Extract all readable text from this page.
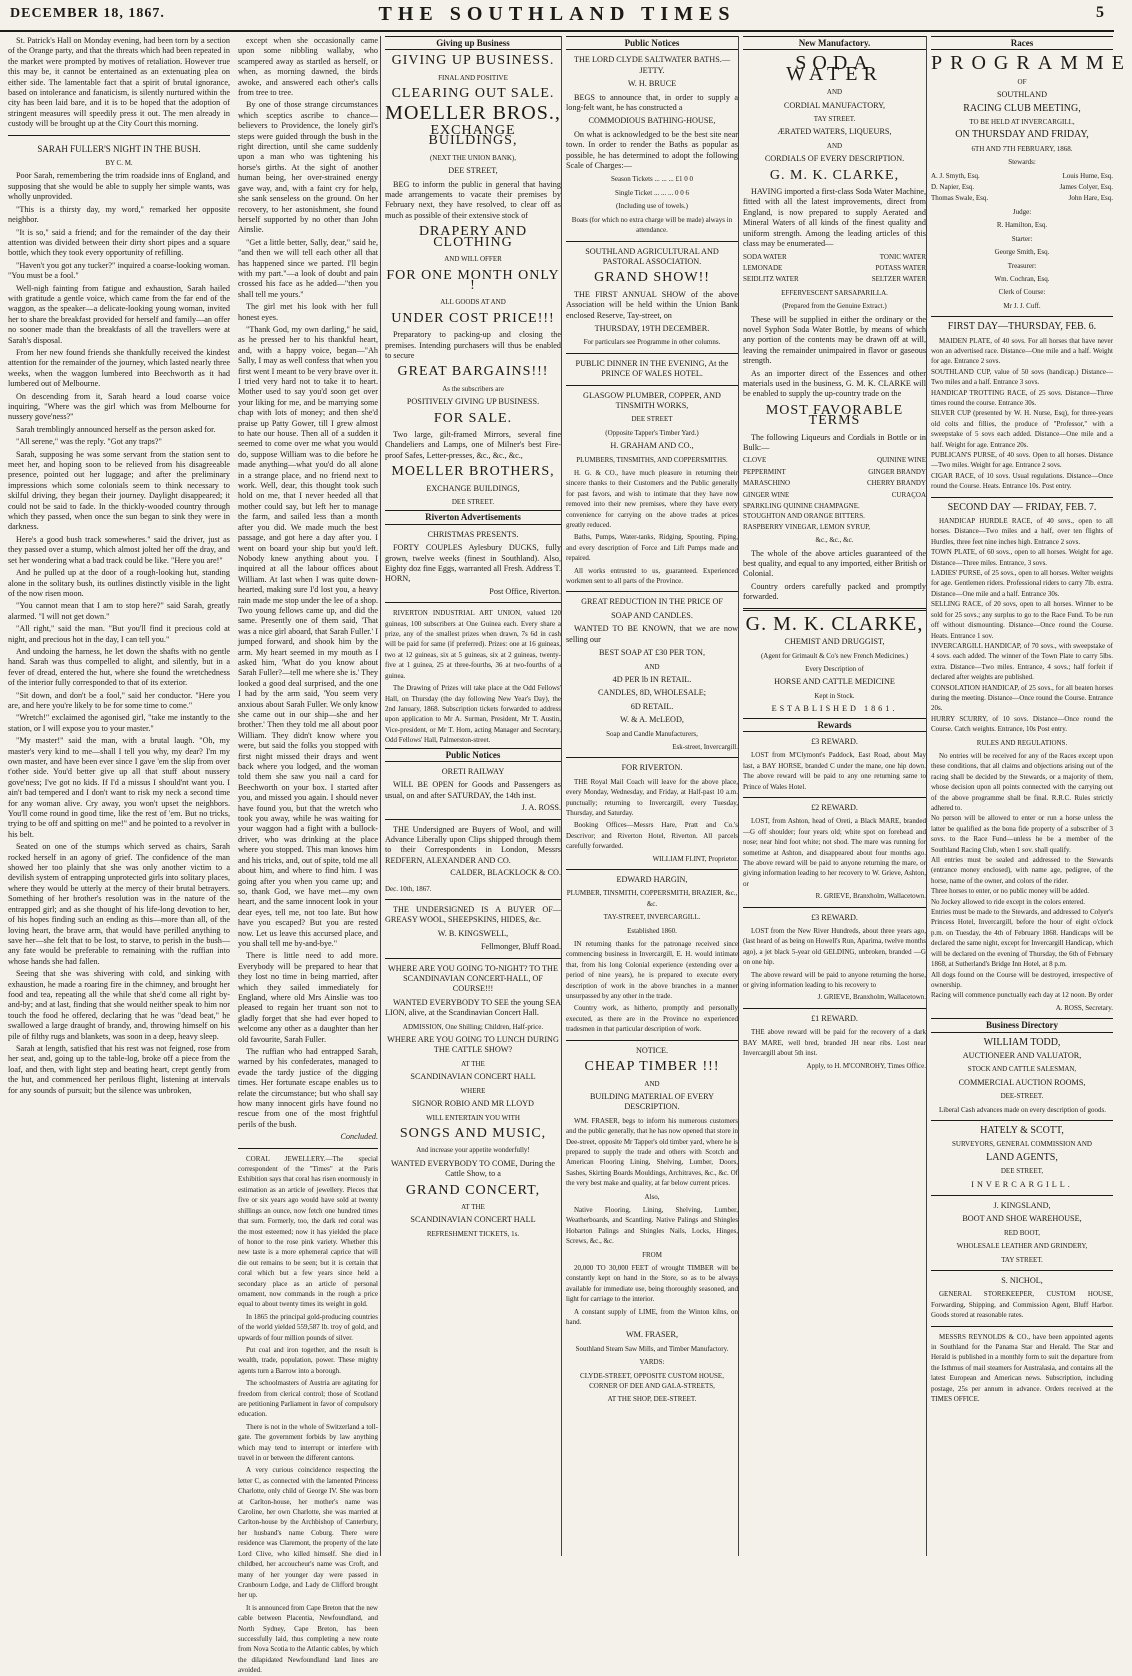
DECEMBER 18, 1867.	THE SOUTHLAND TIMES	5

St. Patrick's Hall on Monday evening, had been torn by a section of the Orange party, and that the threats which had been repeated in the market were prompted by motives of retaliation. However true this may be, it cannot be entertained as an extenuating plea on either side. The lamentable fact that a spirit of brutal ignorance, based on intolerance and fanaticism, is silently nurtured within the city has been laid bare, and it is to be hoped that the adoption of stringent measures will speedily press it out. The men already in custody will be brought up at the City Court this morning.

SARAH FULLER'S NIGHT IN THE BUSH.
BY C. M.

Poor Sarah, remembering the trim roadside inns of England, and supposing that she would be able to supply her simple wants, was wholly unprovided.

"This is a thirsty day, my word," remarked her opposite neighbor.

"It is so," said a friend; and for the remainder of the day their attention was divided between their dirty short pipes and a square bottle, which they took every opportunity of refilling.

"Haven't you got any tucker?" inquired a coarse-looking woman. "You must be a fool."

Well-nigh fainting from fatigue and exhaustion, Sarah hailed with gratitude a gentle voice, which came from the far end of the waggon, as the speaker—a delicate-looking young woman, invited her to share the breakfast provided for herself and family—an offer no sooner made than the breakfasts of all the travellers were at Sarah's disposal.

From her new found friends she thankfully received the kindest attention for the remainder of the journey, which lasted nearly three weeks, when the waggon lumbered into Beechworth as it had lumbered out of Melbourne.

On descending from it, Sarah heard a loud coarse voice inquiring, "Where was the girl which was from Melbourne for nussery gove'ness?"

Sarah tremblingly announced herself as the person asked for.

"All serene," was the reply. "Got any traps?"

Sarah, supposing he was some servant from the station sent to meet her, and hoping soon to be relieved from his disagreeable presence, pointed out her luggage; and after the preliminary impressions which some colonials seem to think necessary to skilful driving, they began their journey. Daylight disappeared; it could not be said to fade. In the thickly-wooded country through which they passed, when once the sun began to sink they were in darkness.

Here's a good bush track somewheres." said the driver, just as they passed over a stump, which almost jolted her off the dray, and set her wondering what a bad track could be like. "Here you are!"

And he pulled up at the door of a rough-looking hut, standing alone in the solitary bush, its outlines distinctly visible in the light of the now risen moon.

"You cannot mean that I am to stop here?" said Sarah, greatly alarmed. "I will not get down."

"All right," said the man. "But you'll find it precious cold at night, and precious hot in the day, I can tell you."

And undoing the harness, he let down the shafts with no gentle hand. Sarah was thus compelled to alight, and silently, but in a fever of dread, entered the hut, where she found the wretchedness of the interior fully corresponded to that of its exterior.

"Sit down, and don't be a fool," said her conductor. "Here you are, and here you're likely to be for some time to come."

"Wretch!" exclaimed the agonised girl, "take me instantly to the station, or I will expose you to your master."

"My master!" said the man, with a brutal laugh. "Oh, my master's very kind to me—shall I tell you why, my dear? I'm my own master, and have been ever since I gave 'em the slip from over t'other side. You'd better give up all that stuff about nussery gove'ness; I've got no kids. If I'd a missus I should'nt want you. I ain't bad tempered and I don't want to risk my neck a second time for any woman alive. Cry away, you won't upset the neighbors. You'll come round in good time, like the rest of 'em. But no tricks, trying to be off and spitting on me!" and he pointed to a revolver in his belt.

Seated on one of the stumps which served as chairs, Sarah rocked herself in an agony of grief. The confidence of the man showed her too plainly that she was only another victim to a devilish system of entrapping unprotected girls into solitary places, where they would be utterly at the mercy of their brutal betrayers. Something of her brother's resolution was in the nature of the entrapped girl; and as she thought of his life-long devotion to her, of his hopes finding such an ending as this—more than all, of the loving heart, the brave arm, that would have perilled anything to save her—she felt that to be lost, to starve, to perish in the bush—any fate would be preferable to remaining with the ruffian into whose hands she had fallen.

Seeing that she was shivering with cold, and sinking with exhaustion, he made a roaring fire in the chimney, and brought her food and tea, repeating all the while that she'd come all right by-and-by; and at last, finding that she would neither speak to him nor touch the food he offered, declaring that he was "dead beat," he swallowed a large draught of brandy, and, throwing himself on his pile of filthy rugs and blankets, was soon in a deep, heavy sleep.

Sarah at length, satisfied that his rest was not feigned, rose from her seat, and, going up to the table-log, broke off a piece from the loaf, and then, with light step and beating heart, crept gently from the hut, and commenced her perilous flight, listening at intervals for any sounds of pursuit; but the silence was unbroken,

except when she occasionally came upon some nibbling wallaby, who scampered away as startled as herself, or when, as morning dawned, the birds awoke, and answered each other's calls from tree to tree.

By one of those strange circumstances which sceptics ascribe to chance—believers to Providence, the lonely girl's steps were guided through the bush in the right direction, until she came suddenly upon a man who was tightening his horse's girths. At the sight of another human being, her over-strained energy gave way, and, with a faint cry for help, she sank senseless on the ground. On her recovery, to her astonishment, she found herself supported by no other than John Ainslie.

"Get a little better, Sally, dear," said he, "and then we will tell each other all that has happened since we parted. I'll begin with my part."—a look of doubt and pain crossed his face as he added—"then you shall tell me yours."

The girl met his look with her full honest eyes.

"Thank God, my own darling," he said, as he pressed her to his thankful heart, and, with a happy voice, began—"Ah Sally, I may as well confess that when you first went I meant to be very brave over it. I tried very hard not to take it to heart. Mother used to say you'd soon get over your liking for me, and be marrying some chap with lots of money; and then she'd praise up Patty Gower, till I grew almost to hate our house. Then all of a sudden it seemed to come over me what you would do, suppose William was to die before he made anything—what you'd do all alone in a strange place, and no friend next to work. Well, dear, this thought took such hold on me, that I never heeded all that mother could say, but left her to manage the farm, and sailed less than a month after you did. We made much the best passage, and got here a day after you. I went on board your ship but you'd left. Nobody knew anything about you. I inquired at all the labour offices about William. At last when I was quite down-hearted, making sure I'd lost you, a heavy rain made me stop under the lee of a shop. Two young fellows came up, and did the same. Presently one of them said, 'That was a nice girl aboard, that Sarah Fuller.' I jumped forward, and shook him by the arm. My heart seemed in my mouth as I asked him, 'What do you know about Sarah Fuller?—tell me where she is.' They looked a good deal surprised, and the one I had by the arm said, 'You seem very anxious about Sarah Fuller. We only know she came out in our ship—she and her brother.' Then they told me all about poor William. They didn't know where you were, but said the folks you stopped with first night missed their drays and went back where you lodged, and the woman told them she saw you nail a card for Beechworth on your box. I started after you, and missed you again. I should never have found you, but that the wretch who took you away, while he was waiting for your waggon had a fight with a bullock-driver, who was drinking at the place where you stopped. This man knows him and his tricks, and, out of spite, told me all about him, and where to find him. I was going after you when you came up; and so, thank God, we have met—my own heart, and the same innocent look in your dear eyes, tell me, not too late. But how have you escaped? But you are rested now. Let us leave this accursed place, and you shall tell me by-and-bye."

There is little need to add more. Everybody will be prepared to hear that they lost no time in being married, after which they sailed immediately for England, where old Mrs Ainslie was too pleased to regain her truant son not to gladly forget that she had ever hoped to welcome any other as a daughter than her old favourite, Sarah Fuller.

The ruffian who had entrapped Sarah, warned by his confederates, managed to evade the tardy justice of the digging times. Her fortunate escape enables us to relate the circumstance; but who shall say how many innocent girls have found no rescue from one of the most frightful perils of the bush.

Concluded.

CORAL JEWELLERY.—The special correspondent of the "Times" at the Paris Exhibition says that coral has risen enormously in estimation as an article of jewellery. Pieces that five or six years ago would have sold at twenty shillings an ounce, now fetch one hundred times that sum. Formerly, too, the dark red coral was the most esteemed; now it has yielded the place of honor to the rose pink variety. Whether this new taste is a more ephemeral caprice that will die out remains to be seen; but it is certain that coral which but a few years since held a secondary place as an article of personal ornament, now commands in the rough a price equal to about twenty times its weight in gold.

In 1865 the principal gold-producing countries of the world yielded 559,587 lb. troy of gold, and upwards of four million pounds of silver.

Put coal and iron together, and the result is wealth, trade, population, power. These mighty agents turn a Barrow into a borough.

The schoolmasters of Austria are agitating for freedom from clerical control; those of Scotland are petitioning Parliament in favor of compulsory education.

There is not in the whole of Switzerland a toll-gate. The government forbids by law anything which may tend to interrupt or interfere with travel in or between the different cantons.

A very curious coincidence respecting the letter C, as connected with the lamented Princess Charlotte, only child of George IV. She was born at Carlton-house, her mother's name was Caroline, her own Charlotte, she was married at Carlton-house by the Archbishop of Canterbury, her husband's name Coburg. There were residence was Claremont, the property of the late Lord Clive, who killed himself. She died in childbed, her accoucheur's name was Croft, and many of her younger day were passed in Cranbourn Lodge, and Lady de Clifford brought her up.

It is announced from Cape Breton that the new cable between Placentia, Newfoundland, and North Sydney, Cape Breton, has been successfully laid, thus completing a new route from Nova Scotia to the Atlantic cables, by which the dilapidated Newfoundland land lines are avoided.

Giving up Business
GIVING UP BUSINESS.
FINAL AND POSITIVE
CLEARING OUT SALE.
MOELLER BROS.,
EXCHANGE BUILDINGS,
(NEXT THE UNION BANK),
DEE STREET,

BEG to inform the public in general that having made arrangements to vacate their premises by February next, they have resolved, to clear off as much as possible of their extensive stock of

DRAPERY AND CLOTHING
AND WILL OFFER
FOR ONE MONTH ONLY !
ALL GOODS AT AND
UNDER COST PRICE!!!

Preparatory to packing-up and closing the premises. Intending purchasers will thus be enabled to secure

GREAT BARGAINS!!!
As the subscribers are
POSITIVELY GIVING UP BUSINESS.
FOR SALE.

Two large, gilt-framed Mirrors, several fine Chandeliers and Lamps, one of Milner's best Fire-proof Safes, Letter-presses, &c., &c., &c.,

MOELLER BROTHERS,
EXCHANGE BUILDINGS,
DEE STREET.
Riverton Advertisements
CHRISTMAS PRESENTS.

FORTY COUPLES Aylesbury DUCKS, fully grown, twelve weeks (finest in Southland). Also, Eighty doz fine Eggs, warranted all Fresh. Address T. HORN,

Post Office, Riverton.

RIVERTON INDUSTRIAL ART UNION, valued 120 guineas, 100 subscribers at One Guinea each. Every share a prize, any of the smallest prizes when drawn, 7s 6d in cash will be paid for same (if preferred). Prizes: one at 16 guineas, two at 12 guineas, six at 5 guineas, six at 2 guineas, twenty-five at 1 guinea, 25 at three-fourths, 36 at two-fourths of a guinea.

The Drawing of Prizes will take place at the Odd Fellows' Hall, on Thursday (the day following New Year's Day), the 2nd January, 1868. Subscription tickets forwarded to address upon application to Mr A. Surman, President, Mr T. Austin, Vice-president, or Mr T. Horn, acting Manager and Secretary, Odd Fellows' Hall, Palmerston-street.

Public Notices
ORETI RAILWAY

WILL BE OPEN for Goods and Passengers as usual, on and after SATURDAY, the 14th inst.

J. A. ROSS.

THE Undersigned are Buyers of Wool, and will Advance Liberally upon Clips shipped through them to their Correspondents in London, Messrs REDFERN, ALEXANDER AND CO.

CALDER, BLACKLOCK & CO.
Dec. 10th, 1867.

THE UNDERSIGNED IS A BUYER OF— GREASY WOOL, SHEEPSKINS, HIDES, &c.

W. B. KINGSWELL,
Fellmonger, Bluff Road.
WHERE ARE YOU GOING TO-NIGHT? TO THE SCANDINAVIAN CONCERT-HALL, OF COURSE!!!

WANTED EVERYBODY TO SEE the young SEA LION, alive, at the Scandinavian Concert Hall.

ADMISSION, One Shilling; Children, Half-price.
WHERE ARE YOU GOING TO LUNCH DURING THE CATTLE SHOW?
AT THE
SCANDINAVIAN CONCERT HALL
WHERE
SIGNOR ROBIO AND MR LLOYD
WILL ENTERTAIN YOU WITH
SONGS AND MUSIC,
And increase your appetite wonderfully!
WANTED EVERYBODY TO COME, During the Cattle Show, to a
GRAND CONCERT,
AT THE
SCANDINAVIAN CONCERT HALL
REFRESHMENT TICKETS, 1s.
Public Notices
THE LORD CLYDE SALTWATER BATHS.—JETTY.
W. H. BRUCE

BEGS to announce that, in order to supply a long-felt want, he has constructed a

COMMODIOUS BATHING-HOUSE,

On what is acknowledged to be the best site near town. In order to render the Baths as popular as possible, he has determined to adopt the following Scale of Charges:—

Season Tickets ... ... ... £1 0 0
Single Ticket ... ... ... 0 0 6
(Including use of towels.)
Boats (for which no extra charge will be made) always in attendance.
SOUTHLAND AGRICULTURAL AND PASTORAL ASSOCIATION.
GRAND SHOW!!

THE FIRST ANNUAL SHOW of the above Association will be held within the Union Bank enclosed Reserve, Tay-street, on

THURSDAY, 19TH DECEMBER.
For particulars see Programme in other columns.
PUBLIC DINNER IN THE EVENING, At the PRINCE OF WALES HOTEL.
GLASGOW PLUMBER, COPPER, AND TINSMITH WORKS,
DEE STREET
(Opposite Tapper's Timber Yard.)
H. GRAHAM AND CO.,
PLUMBERS, TINSMITHS, AND COPPERSMITHS.

H. G. & CO., have much pleasure in returning their sincere thanks to their Customers and the Public generally for past favors, and wish to intimate that they have now removed into their new premises, where they have every convenience for carrying on the above trades at prices greatly reduced.

Baths, Pumps, Water-tanks, Ridging, Spouting, Piping, and every description of Force and Lift Pumps made and repaired.

All works entrusted to us, guaranteed. Experienced workmen sent to all parts of the Province.

GREAT REDUCTION IN THE PRICE OF
SOAP AND CANDLES.

WANTED TO BE KNOWN, that we are now selling our

BEST SOAP AT £30 PER TON,
AND
4D PER lb IN RETAIL.
CANDLES, 8D, WHOLESALE;
6D RETAIL.
W. & A. McLEOD,
Soap and Candle Manufacturers,
Esk-street, Invercargill.
FOR RIVERTON.

THE Royal Mail Coach will leave for the above place, every Monday, Wednesday, and Friday, at Half-past 10 a.m. punctually; returning to Invercargill, every Tuesday, Thursday, and Saturday.

Booking Offices—Messrs Hare, Pratt and Co.'s Descrivor; and Riverton Hotel, Riverton. All parcels carefully forwarded.

WILLIAM FLINT, Proprietor.
EDWARD HARGIN,
PLUMBER, TINSMITH, COPPERSMITH, BRAZIER, &c., &c.
TAY-STREET, INVERCARGILL.
Established 1860.

IN returning thanks for the patronage received since commencing business in Invercargill, E. H. would intimate that, from his long Colonial experience (extending over a period of nine years), he is prepared to execute every description of work in the above branches in a manner unsurpassed by any other in the trade.

Country work, as hitherto, promptly and personally executed, as there are in the Province no experienced tradesmen in that particular description of work.

NOTICE.
CHEAP TIMBER !!!
AND
BUILDING MATERIAL OF EVERY DESCRIPTION.

WM. FRASER, begs to inform his numerous customers and the public generally, that he has now opened that store in Dee-street, opposite Mr Tapper's old timber yard, where he is prepared to supply the trade and others with Scotch and American Flooring Lining, Shelving, Lumber, Doors, Sashes, Skirting Boards Mouldings, Architraves, &c., &c. Of the very best make and quality, at far below current prices.

Also,

Native Flooring, Lining, Shelving, Lumber, Weatherboards, and Scantling. Native Palings and Shingles Hobarton Palings and Shingles Nails, Locks, Hinges, Screws, &c., &c.

FROM

20,000 TO 30,000 FEET of wrought TIMBER will be constantly kept on hand in the Store, so as to be always available for immediate use, being thoroughly seasoned, and light for carriage to the interior.

A constant supply of LIME, from the Winton kilns, on hand.

WM. FRASER,
Southland Steam Saw Mills, and Timber Manufactory.
YARDS:
CLYDE-STREET, OPPOSITE CUSTOM HOUSE, CORNER OF DEE AND GALA-STREETS,
AT THE SHOP, DEE-STREET.
New Manufactory.
SODA WATER
AND
CORDIAL MANUFACTORY,
TAY STREET.
ÆRATED WATERS, LIQUEURS,
AND
CORDIALS OF EVERY DESCRIPTION.
G. M. K. CLARKE,

HAVING imported a first-class Soda Water Machine, fitted with all the latest improvements, direct from England, is now prepared to supply Aerated and Mineral Waters of all kinds of the finest quality and uniform strength. Among the leading articles of this class may be enumerated—

SODA WATER	TONIC WATER
LEMONADE	POTASS WATER
SEIDLITZ WATER	SELTZER WATER
EFFERVESCENT SARSAPARILLA.
(Prepared from the Genuine Extract.)

These will be supplied in either the ordinary or the novel Syphon Soda Water Bottle, by means of which any portion of the contents may be drawn off at will, leaving the remainder unimpaired in flavor or gaseous strength.

As an importer direct of the Essences and other materials used in the business, G. M. K. CLARKE will be enabled to supply the up-country trade on the

MOST FAVORABLE TERMS

The following Liqueurs and Cordials in Bottle or in Bulk:—

CLOVE	QUININE WINE
PEPPERMINT	GINGER BRANDY
MARASCHINO	CHERRY BRANDY
GINGER WINE	CURAÇOA
SPARKLING QUININE CHAMPAGNE.
STOUGHTON AND ORANGE BITTERS.
RASPBERRY VINEGAR, LEMON SYRUP,
&c., &c., &c.

The whole of the above articles guaranteed of the best quality, and equal to any imported, either British or Colonial.

Country orders carefully packed and promptly forwarded.

G. M. K. CLARKE,
CHEMIST AND DRUGGIST,
(Agent for Grimault & Co's new French Medicines.)
Every Description of
HORSE AND CATTLE MEDICINE
Kept in Stock.
ESTABLISHED 1861.
Rewards
£3 REWARD.

LOST from M'Clymont's Paddock, East Road, about May last, a BAY HORSE, branded C under the mane, one hip down. The above reward will be paid to any one returning same to Prince of Wales Hotel.

£2 REWARD.

LOST, from Ashton, head of Oreti, a Black MARE, branded —G off shoulder; four years old; white spot on forehead and nose; near hind foot white; not shod. The mare was running for sometime at Ashton, and disappeared about four months ago. The above reward will be paid to anyone returning the mare, or giving information leading to her recovery to W. Grieve, Ashton, or

R. GRIEVE, Branxholm, Wallacetown.
£3 REWARD.

LOST from the New River Hundreds, about three years ago, (last heard of as being on Howell's Run, Aparima, twelve months ago), a jet black 5-year old GELDING, unbroken, branded —G on one hip.

The above reward will be paid to anyone returning the horse, or giving information leading to his recovery to

J. GRIEVE, Branxholm, Wallacetown.
£1 REWARD.

THE above reward will be paid for the recovery of a dark BAY MARE, well bred, branded JH near ribs. Lost near Invercargill about 5th inst.

Apply, to H. M'CONROHY, Times Office.
Races
PROGRAMME
OF
SOUTHLAND
RACING CLUB MEETING,
TO BE HELD AT INVERCARGILL,
ON THURSDAY AND FRIDAY,
6TH AND 7TH FEBRUARY, 1868.
Stewards:
A. J. Smyth, Esq.	Louis Hume, Esq.
D. Napier, Esq.	James Colyer, Esq.
Thomas Swale, Esq.	John Hare, Esq.
Judge:
R. Hamilton, Esq.
Starter:
George Smith, Esq.
Treasurer:
Wm. Cochran, Esq.
Clerk of Course:
Mr J. J. Cuff.
FIRST DAY—THURSDAY, FEB. 6.

MAIDEN PLATE, of 40 sovs. For all horses that have never won an advertised race. Distance—One mile and a half. Weight for age. Entrance 2 sovs.
SOUTHLAND CUP, value of 50 sovs (handicap.) Distance—Two miles and a half. Entrance 3 sovs.
HANDICAP TROTTING RACE, of 25 sovs. Distance—Three times round the course. Entrance 30s.
SILVER CUP (presented by W. H. Nurse, Esq), for three-years old colts and fillies, the produce of "Professor," with a sweepstake of 5 sovs each added. Distance—One mile and a half. Weight for age. Entrance 20s.
PUBLICAN'S PURSE, of 40 sovs. Open to all horses. Distance—Two miles. Weight for age. Entrance 2 sovs.
CIGAR RACE, of 10 sovs. Usual regulations. Distance—Once round the Course. Heats. Entrance 10s. Post entry.

SECOND DAY — FRIDAY, FEB. 7.

HANDICAP HURDLE RACE, of 40 sovs., open to all horses. Distance—Two miles and a half, over ten flights of Hurdles, three feet nine inches high. Entrance 2 sovs.
TOWN PLATE, of 60 sovs., open to all horses. Weight for age. Distance—Three miles. Entrance, 3 sovs.
LADIES' PURSE, of 25 sovs., open to all horses. Welter weights for age. Gentlemen riders. Professional riders to carry 7lb. extra. Distance—One mile and a half. Entrance 30s.
SELLING RACE, of 20 sovs, open to all horses. Winner to be sold for 25 sovs.; any surplus to go to the Race Fund. To be run off without dismounting. Distance—Once round the Course. Heats. Entrance 1 sov.
INVERCARGILL HANDICAP, of 70 sovs., with sweepstake of 4 sovs. each added. The winner of the Town Plate to carry 5lbs. extra. Distance—Two miles. Entrance, 4 sovs.; half forfeit if declared after weights are published.
CONSOLATION HANDICAP, of 25 sovs., for all beaten horses during the meeting. Distance—Once round the Course. Entrance 20s.
HURRY SCURRY, of 10 sovs. Distance—Once round the Course. Catch weights. Entrance, 10s Post entry.

RULES AND REGULATIONS.

No entries will be received for any of the Races except upon these conditions, that all claims and objections arising out of the racing shall be decided by the Stewards, or a majority of them, whose decision upon all points connected with the carrying out of the above programme shall be final. R.R.C. Rules strictly adhered to.
No person will be allowed to enter or run a horse unless the latter be qualified as the bona fide property of a subscriber of 3 sovs. to the Race Fund—unless he be a member of the Southland Racing Club, when 1 sov. shall qualify.
All entries must be sealed and addressed to the Stewards (entrance money enclosed), with name age, pedigree, of the horse, name of the owner, and colors of the rider.
Three horses to enter, or no public money will be added.
No Jockey allowed to ride except in the colors entered.
Entries must be made to the Stewards, and addressed to Colyer's Princess Hotel, Invercargill, before the hour of eight o'clock p.m. on Tuesday, the 4th of February 1868. Handicaps will be declared the same night, except for Invercargill Handicap, which will be declared on the evening of Thursday, the 6th of February 1868, at Sutherland's Bridge Inn Hotel, at 8 p.m.
All dogs found on the Course will be destroyed, irrespective of ownership.
Racing will commence punctually each day at 12 noon. By order

A. ROSS, Secretary.
Business Directory
WILLIAM TODD,
AUCTIONEER AND VALUATOR,
STOCK AND CATTLE SALESMAN,
COMMERCIAL AUCTION ROOMS,
DEE-STREET.

Liberal Cash advances made on every description of goods.

HATELY & SCOTT,
SURVEYORS, GENERAL COMMISSION AND
LAND AGENTS,
DEE STREET,
INVERCARGILL.
J. KINGSLAND,
BOOT AND SHOE WAREHOUSE,
RED BOOT,
WHOLESALE LEATHER AND GRINDERY,
TAY STREET.
S. NICHOL,

GENERAL STOREKEEPER, CUSTOM HOUSE, Forwarding, Shipping, and Commission Agent, Bluff Harbor. Goods stored at reasonable rates.

MESSRS REYNOLDS & CO., have been appointed agents in Southland for the Panama Star and Herald. The Star and Herald is published in a monthly form to suit the departure from the Isthmus of mail steamers for Australasia, and contains all the latest European and American news. Subscription, including postage, 25s per annum in advance. Orders received at the TIMES OFFICE.
